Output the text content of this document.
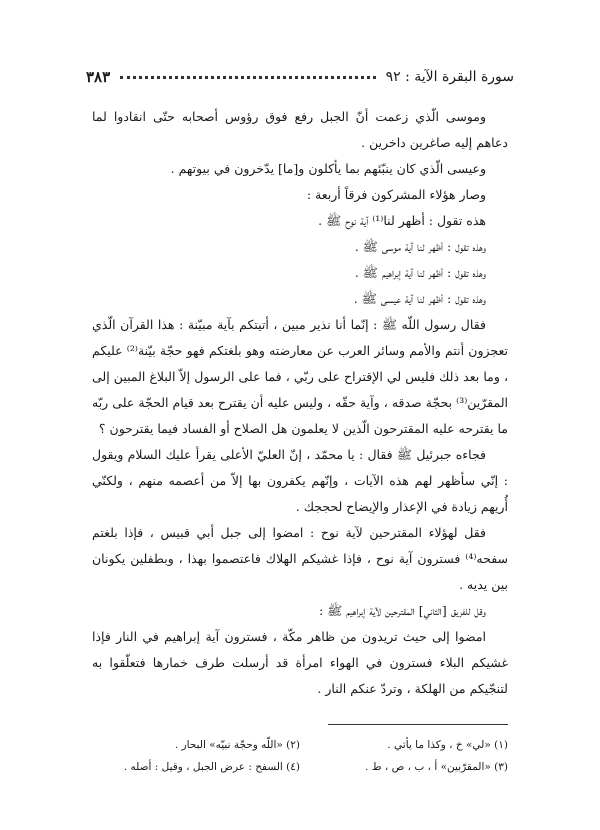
سورة البقرة الآية : ٩٢
٣٨٣

وموسى الّذي زعمت أنّ الجبل رفع فوق رؤوس أصحابه حتّى انقادوا لما دعاهم إليه صاغرين داخرين .

وعيسى الّذي كان ينبّئهم بما يأكلون و[ما] يدّخرون في بيوتهم .

وصار هؤلاء المشركون فرقاً أربعة :

هذه تقول : أظهر لنا⁽¹⁾ آية نوح ﷺ .

وهذه تقول : أظهر لنا آية موسى ﷺ .

وهذه تقول : أظهر لنا آية إبراهيم ﷺ .

وهذه تقول : أظهر لنا آية عيسى ﷺ .

فقال رسول اللّه ﷺ : إنّما أنا نذير مبين ، أتيتكم بآية مبيّنة : هذا القرآن الّذي تعجزون أنتم والأمم وسائر العرب عن معارضته وهو بلغتكم فهو حجّة بيّنة⁽²⁾ عليكم ، وما بعد ذلك فليس لي الإقتراح على ربّي ، فما على الرسول إلاّ البلاغ المبين إلى المقرّين⁽³⁾ بحجّة صدقه ، وآية حقّه ، وليس عليه أن يقترح بعد قيام الحجّة على ربّه ما يقترحه عليه المقترحون الّذين لا يعلمون هل الصلاح أو الفساد فيما يقترحون ؟

فجاءه جبرئيل ﷺ فقال : يا محمّد ، إنّ العليّ الأعلى يقرأ عليك السلام ويقول : إنّي سأظهر لهم هذه الآيات ، وإنّهم يكفرون بها إلاّ من أعصمه منهم ، ولكنّي أُريهم زيادة في الإعذار والإيضاح لحججك .

فقل لهؤلاء المقترحين لآية نوح : امضوا إلى جبل أبي قبيس ، فإذا بلغتم سفحه⁽⁴⁾ فسترون آية نوح ، فإذا غشيكم الهلاك فاعتصموا بهذا ، وبطفلين يكونان بين يديه .

وقل للفريق [الثاني] المقترحين لآية إبراهيم ﷺ :

امضوا إلى حيث تريدون من ظاهر مكّة ، فسترون آية إبراهيم في النار فإذا غشيكم البلاء فسترون في الهواء امرأة قد أرسلت طرف خمارها فتعلّقوا به لتنجّيكم من الهلكة ، وتردّ عنكم النار .

(١) «لي» خ ، وكذا ما يأتي .
(٢) «اللّه وحجّة نبيّه» البحار .
(٣) «المقرّبين» أ ، ب ، ص ، ط .
(٤) السفح : عرض الجبل ، وقيل : أصله .
